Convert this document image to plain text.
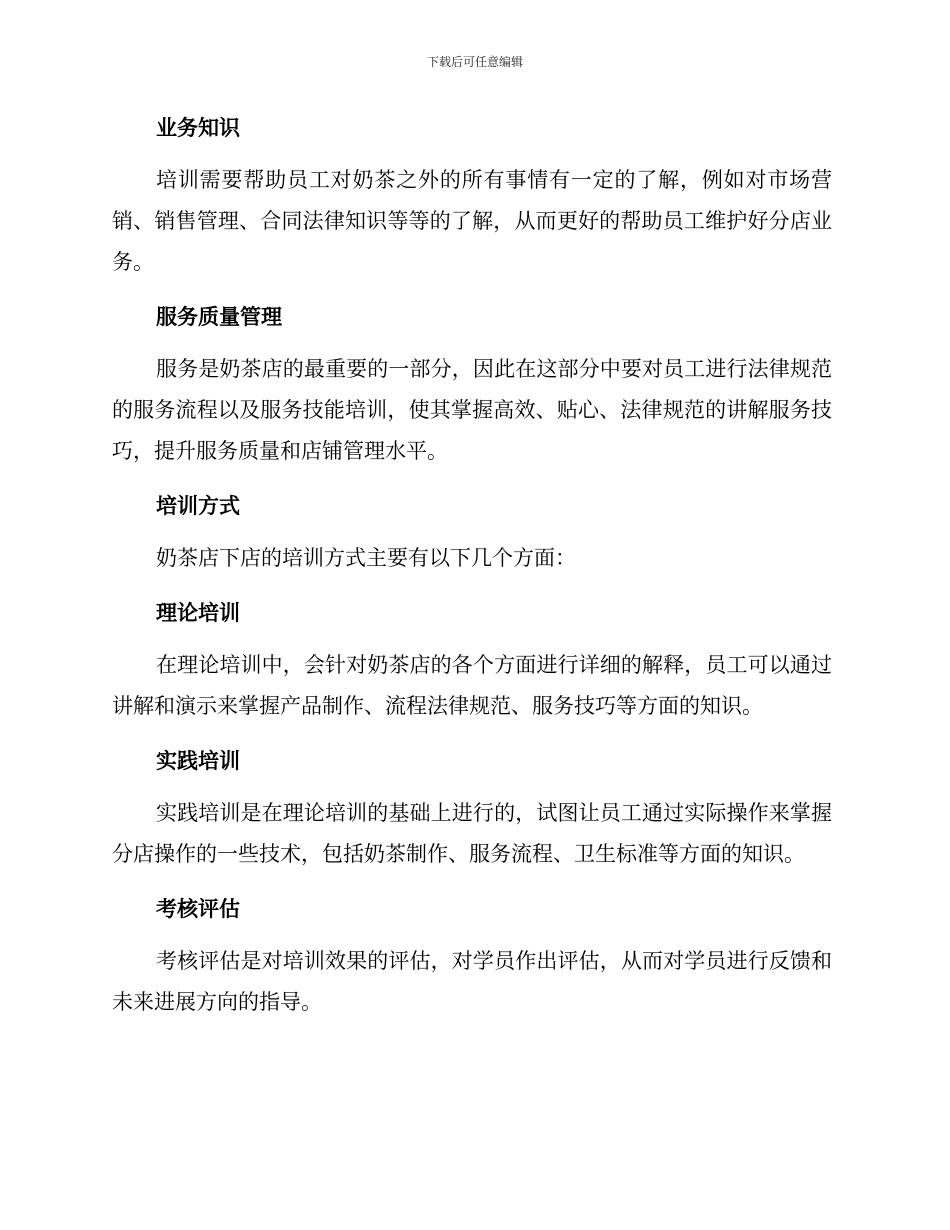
下载后可任意编辑
业务知识

培训需要帮助员工对奶茶之外的所有事情有一定的了解，例如对市场营销、销售管理、合同法律知识等等的了解，从而更好的帮助员工维护好分店业务。

服务质量管理

服务是奶茶店的最重要的一部分，因此在这部分中要对员工进行法律规范的服务流程以及服务技能培训，使其掌握高效、贴心、法律规范的讲解服务技巧，提升服务质量和店铺管理水平。

培训方式

奶茶店下店的培训方式主要有以下几个方面：

理论培训

在理论培训中，会针对奶茶店的各个方面进行详细的解释，员工可以通过讲解和演示来掌握产品制作、流程法律规范、服务技巧等方面的知识。

实践培训

实践培训是在理论培训的基础上进行的，试图让员工通过实际操作来掌握分店操作的一些技术，包括奶茶制作、服务流程、卫生标准等方面的知识。

考核评估

考核评估是对培训效果的评估，对学员作出评估，从而对学员进行反馈和未来进展方向的指导。
